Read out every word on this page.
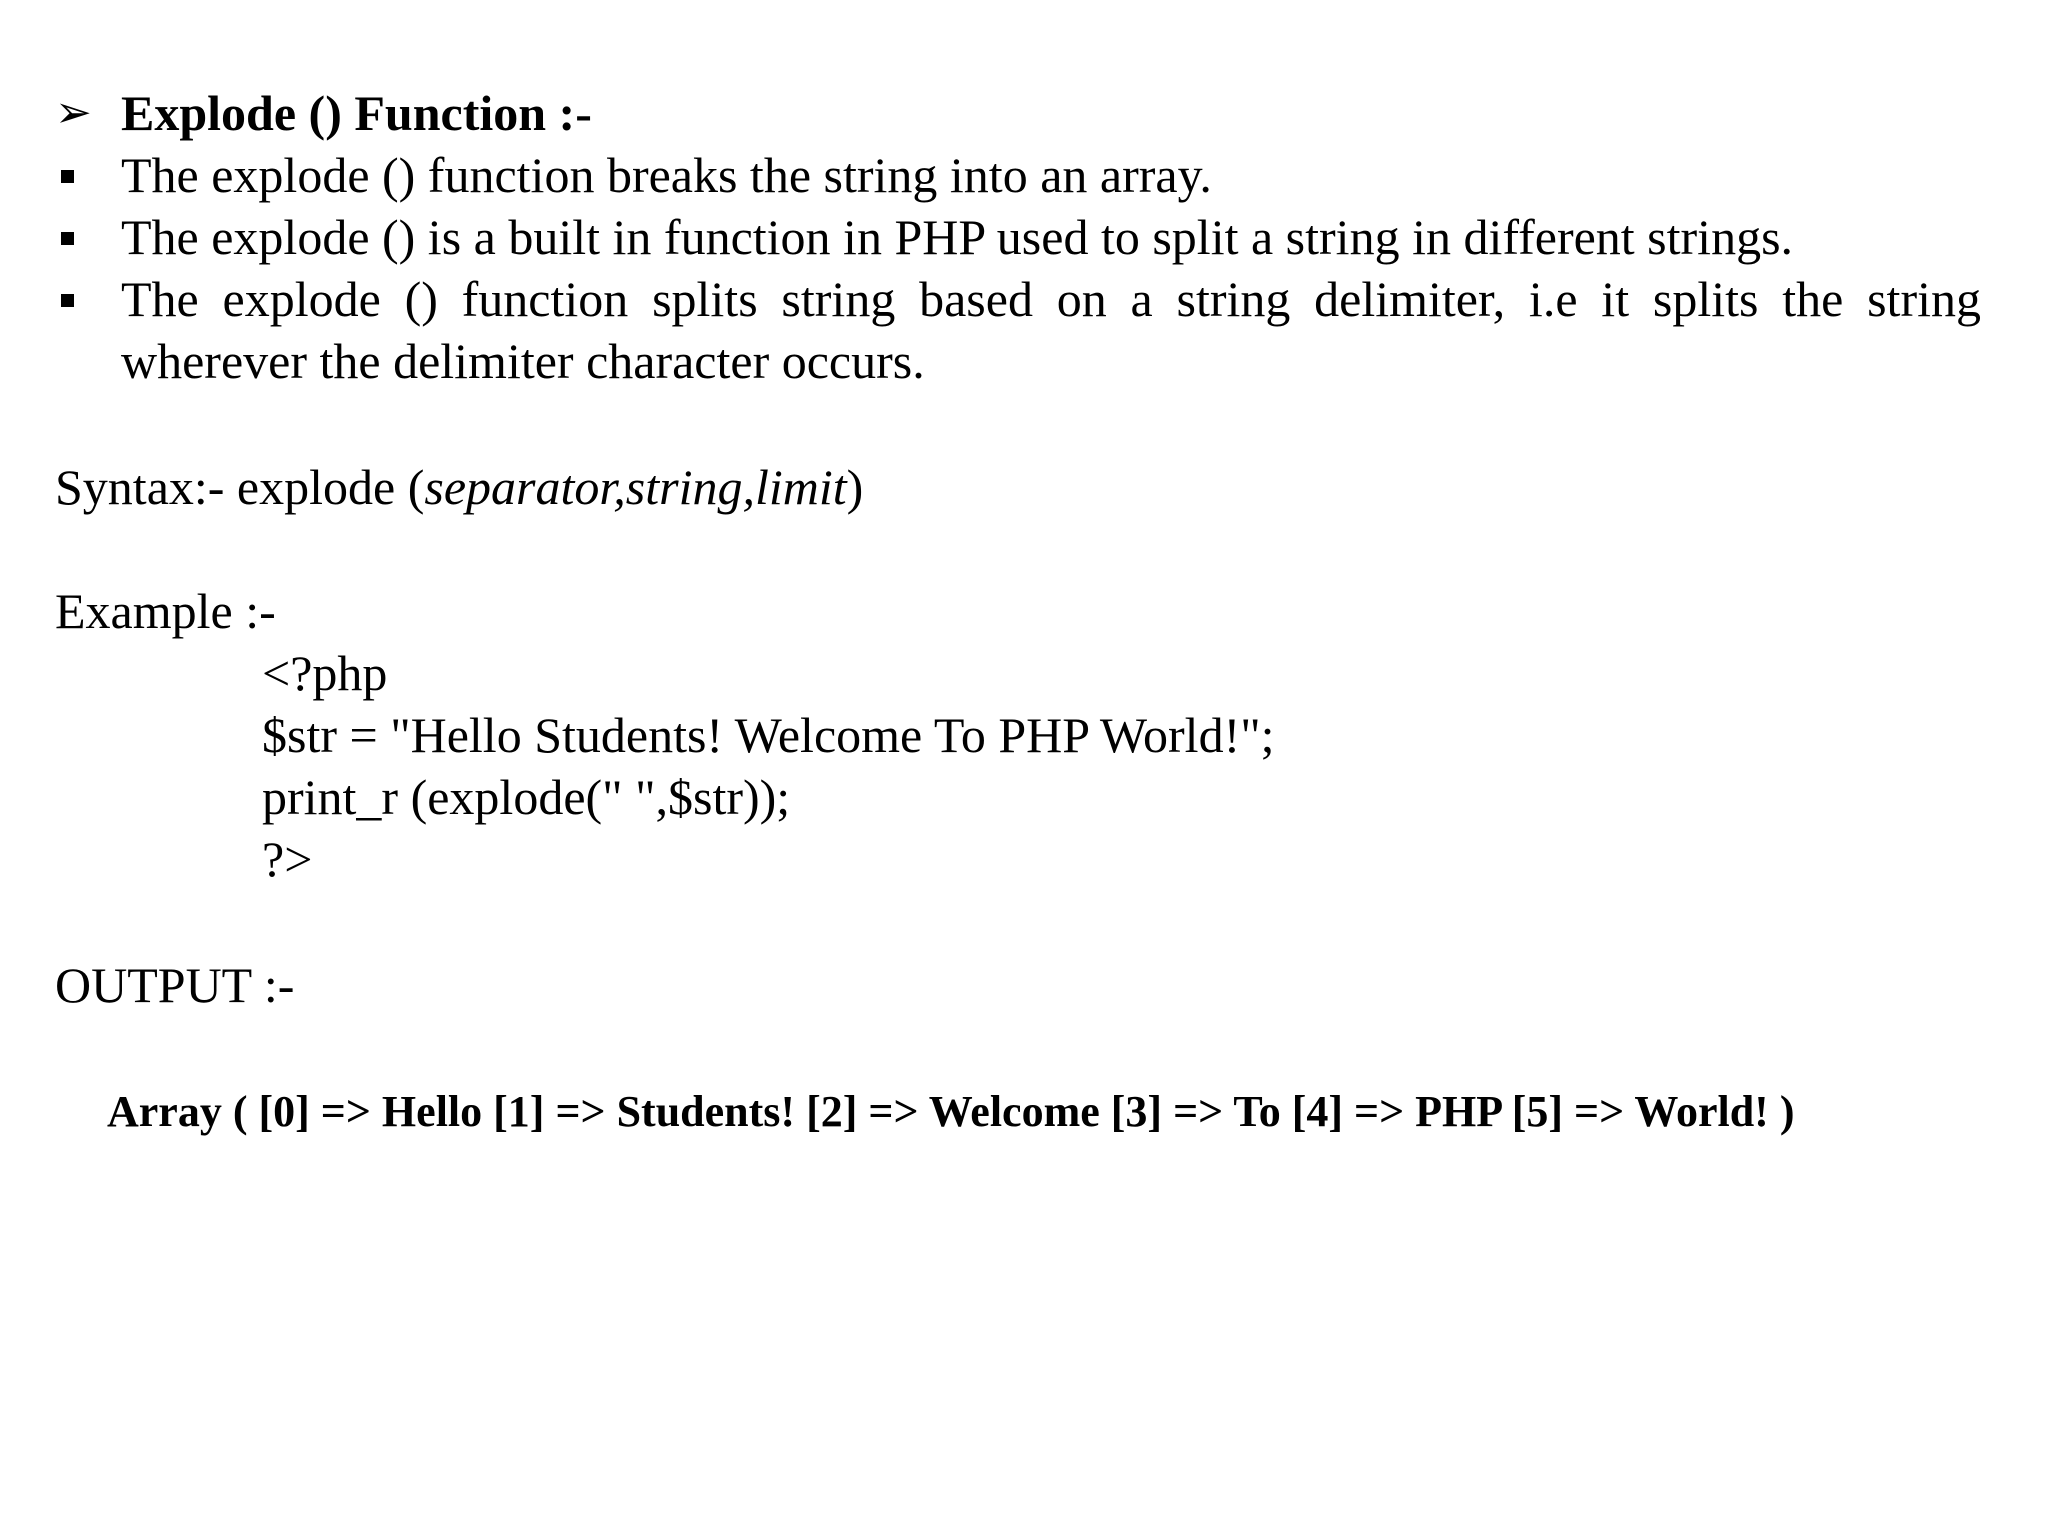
➢ Explode () Function :-
The explode () function breaks the string into an array.
The explode () is a built in function in PHP used to split a string in different strings.
The explode () function splits string based on a string delimiter, i.e it splits the string
wherever the delimiter character occurs.
Syntax:- explode (separator,string,limit)
Example :-
<?php
$str = "Hello Students! Welcome To PHP World!";
print_r (explode(" ",$str));
?>
OUTPUT :-
Array ( [0] => Hello [1] => Students! [2] => Welcome [3] => To [4] => PHP [5] => World! )
